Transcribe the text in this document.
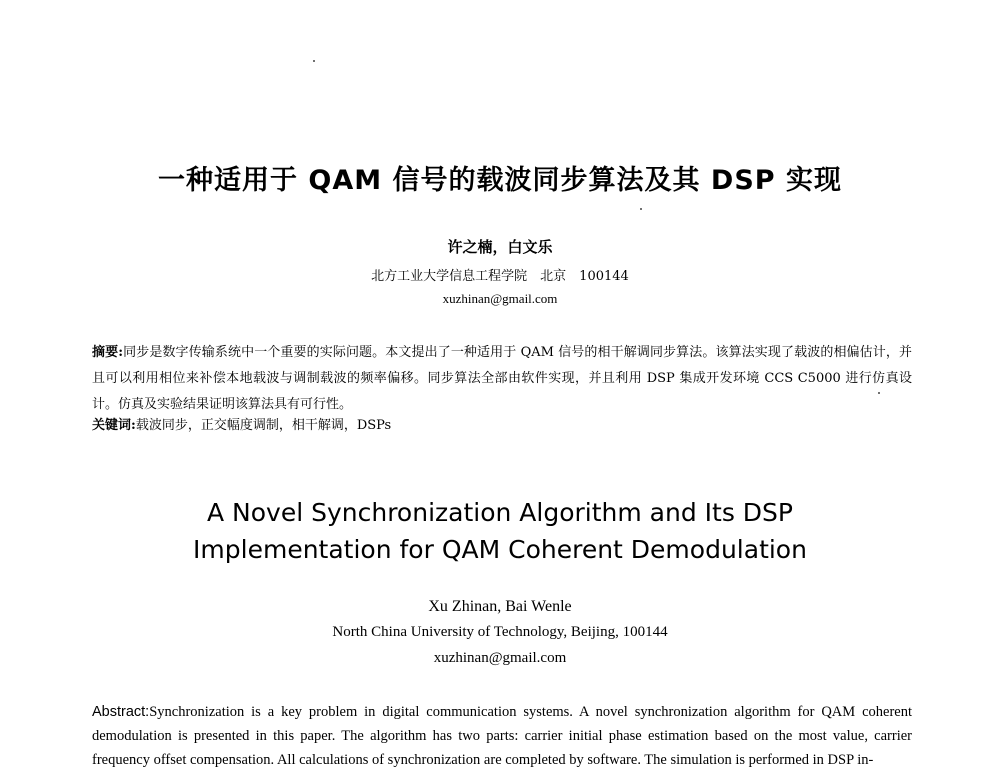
一种适用于 QAM 信号的载波同步算法及其 DSP 实现
许之楠，白文乐
北方工业大学信息工程学院　北京　100144
xuzhinan@gmail.com
摘要:同步是数字传输系统中一个重要的实际问题。本文提出了一种适用于 QAM 信号的相干解调同步算法。该算法实现了载波的相偏估计，并且可以利用相位来补偿本地载波与调制载波的频率偏移。同步算法全部由软件实现，并且利用 DSP 集成开发环境 CCS C5000 进行仿真设计。仿真及实验结果证明该算法具有可行性。
关键词:载波同步，正交幅度调制，相干解调，DSPs
A Novel Synchronization Algorithm and Its DSP
Implementation for QAM Coherent Demodulation
Xu Zhinan, Bai Wenle
North China University of Technology, Beijing, 100144
xuzhinan@gmail.com
Abstract:Synchronization is a key problem in digital communication systems. A novel synchronization algorithm for QAM coherent demodulation is presented in this paper. The algorithm has two parts: carrier initial phase estimation based on the most value, carrier frequency offset compensation. All calculations of synchronization are completed by software. The simulation is performed in DSP in-
